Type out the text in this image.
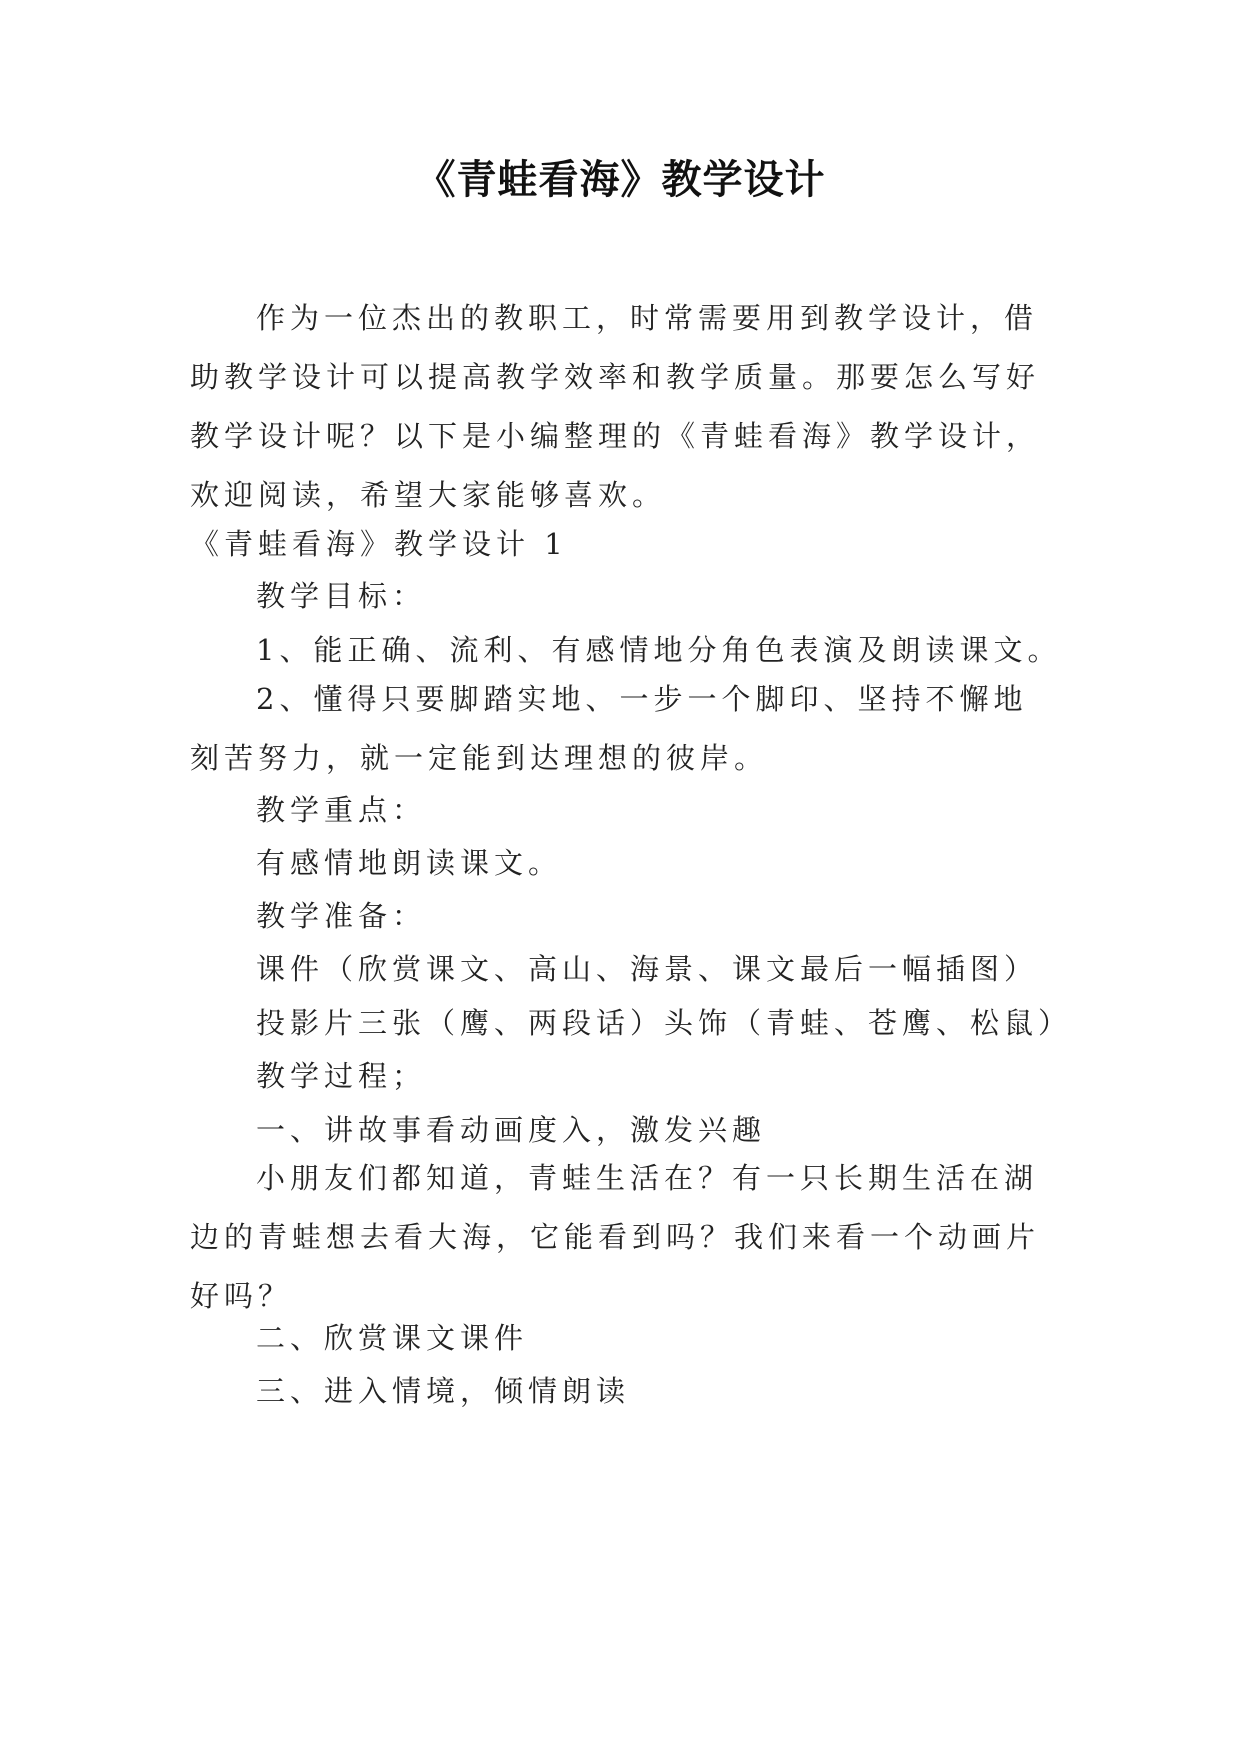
《青蛙看海》教学设计
作为一位杰出的教职工，时常需要用到教学设计，借助教学设计可以提高教学效率和教学质量。那要怎么写好教学设计呢？以下是小编整理的《青蛙看海》教学设计，欢迎阅读，希望大家能够喜欢。
《青蛙看海》教学设计 1
教学目标：
1、能正确、流利、有感情地分角色表演及朗读课文。
2、懂得只要脚踏实地、一步一个脚印、坚持不懈地刻苦努力，就一定能到达理想的彼岸。
教学重点：
有感情地朗读课文。
教学准备：
课件（欣赏课文、高山、海景、课文最后一幅插图）
投影片三张（鹰、两段话）头饰（青蛙、苍鹰、松鼠）
教学过程；
一、讲故事看动画度入，激发兴趣
小朋友们都知道，青蛙生活在？有一只长期生活在湖边的青蛙想去看大海，它能看到吗？我们来看一个动画片好吗？
二、欣赏课文课件
三、进入情境，倾情朗读
